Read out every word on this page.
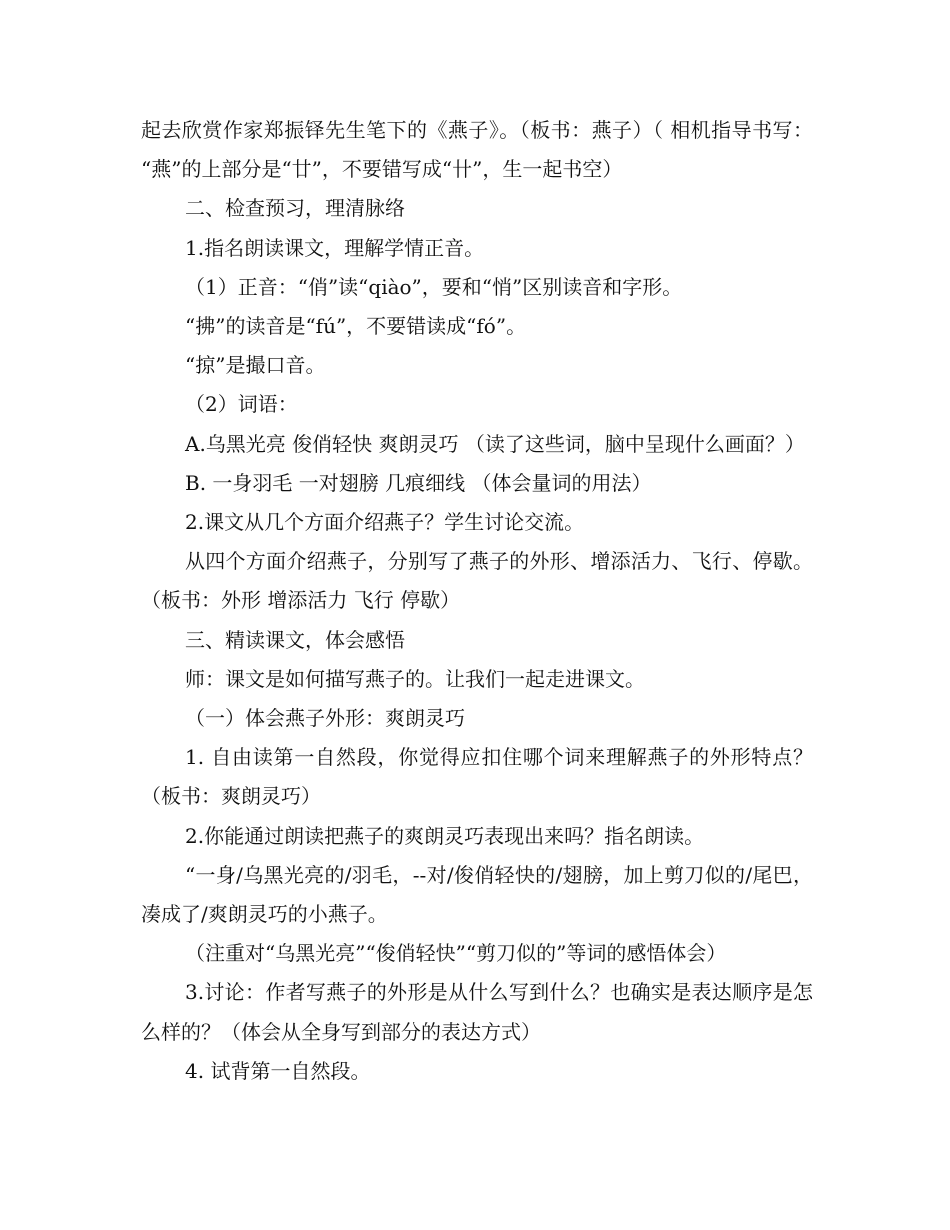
起去欣赏作家郑振铎先生笔下的《燕子》。（板书：燕子）（ 相机指导书写： “燕”的上部分是“廿”，不要错写成“卄”，生一起书空）

二、检查预习，理清脉络

1.指名朗读课文，理解学情正音。

（1）正音：“俏”读“qiào”，要和“悄”区别读音和字形。

“拂”的读音是“fú”，不要错读成“fó”。

“掠”是撮口音。

（2）词语：

A.乌黑光亮 俊俏轻快 爽朗灵巧 （读了这些词，脑中呈现什么画面？）

B. 一身羽毛 一对翅膀 几痕细线 （体会量词的用法）

2.课文从几个方面介绍燕子？学生讨论交流。

从四个方面介绍燕子，分别写了燕子的外形、增添活力、飞行、停歇。（板书：外形 增添活力 飞行 停歇）

三、精读课文，体会感悟

师：课文是如何描写燕子的。让我们一起走进课文。

（一）体会燕子外形：爽朗灵巧

1. 自由读第一自然段，你觉得应扣住哪个词来理解燕子的外形特点？（板书：爽朗灵巧）

2.你能通过朗读把燕子的爽朗灵巧表现出来吗？指名朗读。

“一身/乌黑光亮的/羽毛，--对/俊俏轻快的/翅膀，加上剪刀似的/尾巴，凑成了/爽朗灵巧的小燕子。

（注重对“乌黑光亮”“俊俏轻快”“剪刀似的”等词的感悟体会）

3.讨论：作者写燕子的外形是从什么写到什么？也确实是表达顺序是怎么样的？（体会从全身写到部分的表达方式）

4. 试背第一自然段。
